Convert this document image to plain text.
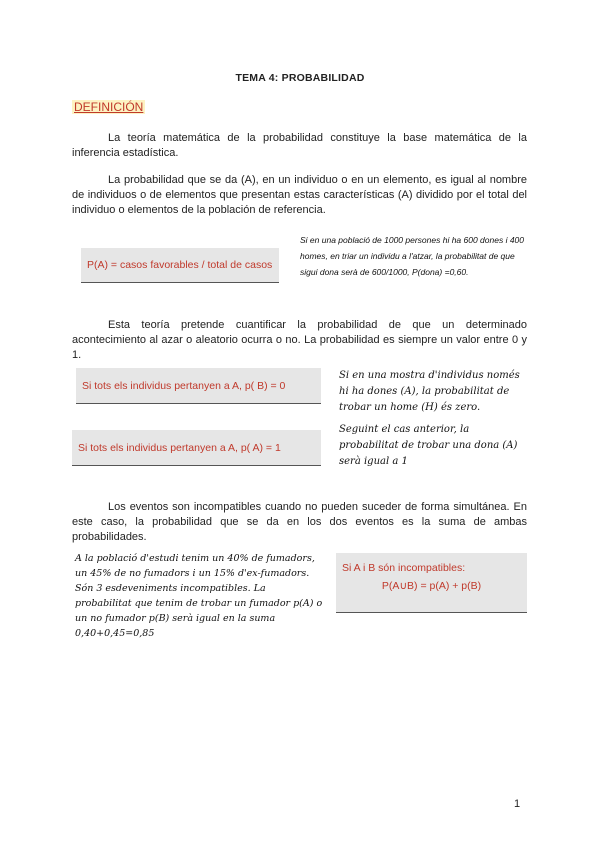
TEMA 4: PROBABILIDAD
DEFINICIÓN
La teoría matemática de la probabilidad constituye la base matemática de la inferencia estadística.
La probabilidad que se da (A), en un individuo o en un elemento, es igual al nombre de individuos o de elementos que presentan estas características (A) dividido por el total del individuo o elementos de la población de referencia.
P(A) = casos favorables / total de casos
Si en una població de 1000 persones hi ha 600 dones i 400 homes, en triar un individu a l'atzar, la probabilitat de que sigui dona serà de 600/1000, P(dona) =0,60.
Esta teoría pretende cuantificar la probabilidad de que un determinado acontecimiento al azar o aleatorio ocurra o no. La probabilidad es siempre un valor entre 0 y 1.
Si tots els individus pertanyen a A, p( B) = 0
Si en una mostra d'individus només hi ha dones (A), la probabilitat de trobar un home (H) és zero.
Si tots els individus pertanyen a A, p( A) = 1
Seguint el cas anterior, la probabilitat de trobar una dona (A) serà igual a 1
Los eventos son incompatibles cuando no pueden suceder de forma simultánea. En este caso, la probabilidad que se da en los dos eventos es la suma de ambas probabilidades.
A la població d'estudi tenim un 40% de fumadors, un 45% de no fumadors i un 15% d'ex-fumadors. Són 3 esdeveniments incompatibles. La probabilitat que tenim de trobar un fumador p(A) o un no fumador p(B) serà igual en la suma 0,40+0,45=0,85
Si A i B són incompatibles:
P(A∪B) = p(A) + p(B)
1
